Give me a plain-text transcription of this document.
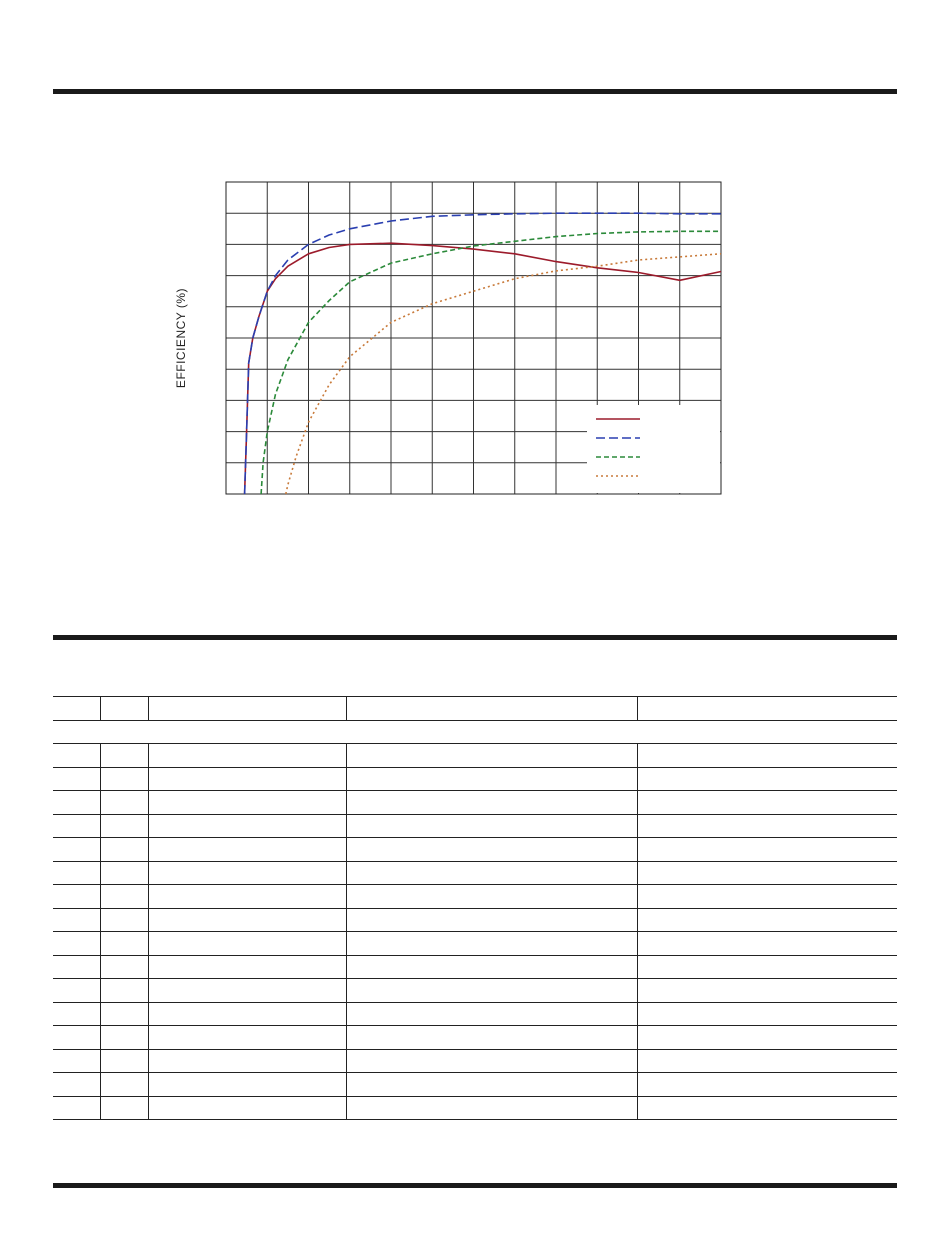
EFFICIENCY (%)
